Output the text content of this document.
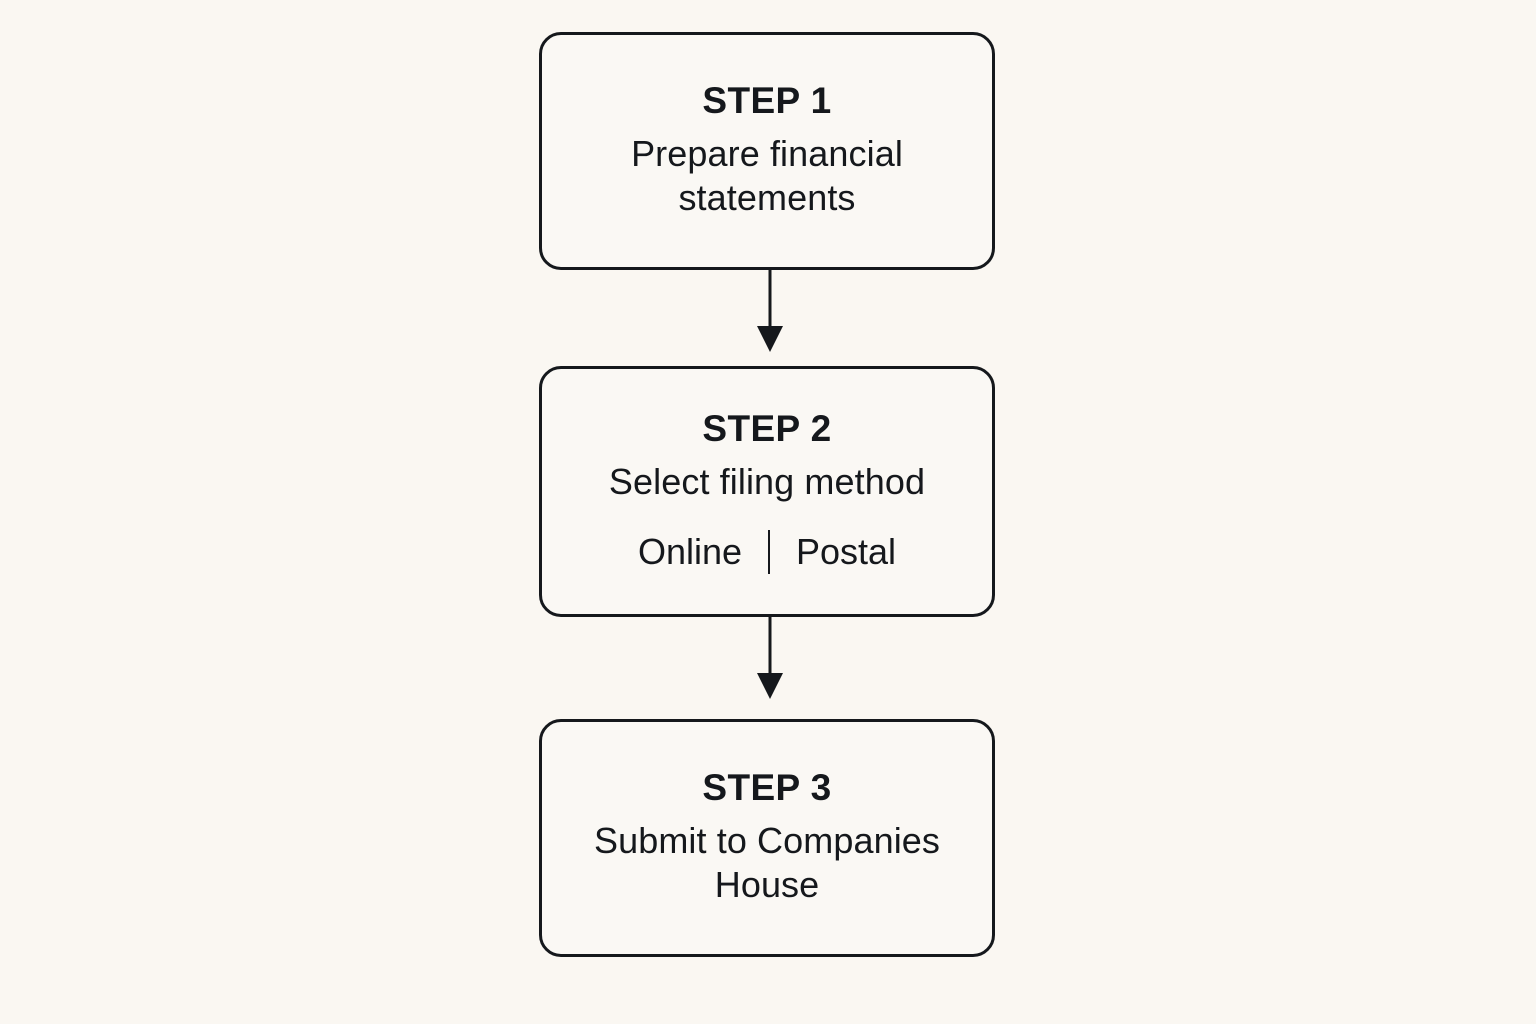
STEP 1
Prepare financial statements
STEP 2
Select filing method
Online Postal
STEP 3
Submit to Companies House
